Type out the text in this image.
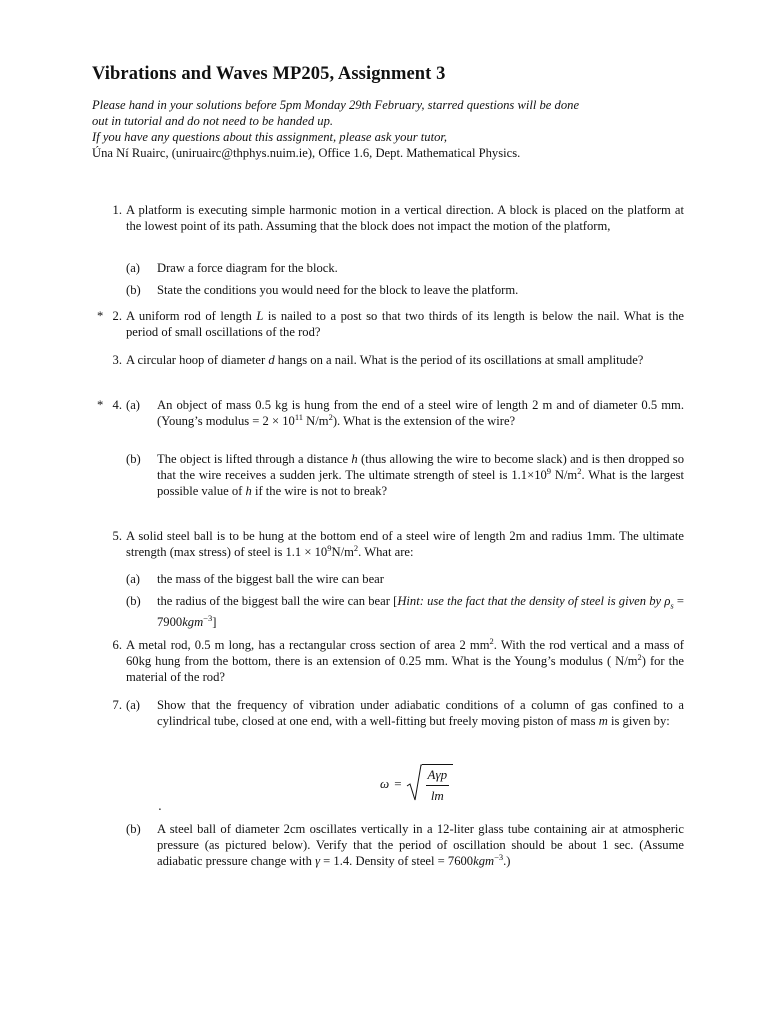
Vibrations and Waves MP205, Assignment 3
Please hand in your solutions before 5pm Monday 29th February, starred questions will be done
out in tutorial and do not need to be handed up.
If you have any questions about this assignment, please ask your tutor,
Úna Ní Ruairc, (uniruairc@thphys.nuim.ie), Office 1.6, Dept. Mathematical Physics.
1. A platform is executing simple harmonic motion in a vertical direction. A block is placed on the platform at the lowest point of its path. Assuming that the block does not impact the motion of the platform,
(a)	Draw a force diagram for the block.
(b)	State the conditions you would need for the block to leave the platform.
* 2. A uniform rod of length L is nailed to a post so that two thirds of its length is below the nail. What is the period of small oscillations of the rod?
3. A circular hoop of diameter d hangs on a nail. What is the period of its oscillations at small amplitude?
* 4. (a)	An object of mass 0.5 kg is hung from the end of a steel wire of length 2 m and of diameter 0.5 mm. (Young’s modulus = $2 \times 10^{11}$ $N/m^2$). What is the extension of the wire?
(b)	The object is lifted through a distance h (thus allowing the wire to become slack) and is then dropped so that the wire receives a sudden jerk. The ultimate strength of steel is $1.1\times 10^9$ $N/m^2$. What is the largest possible value of h if the wire is not to break?
5. A solid steel ball is to be hung at the bottom end of a steel wire of length 2m and radius 1mm. The ultimate strength (max stress) of steel is $1.1 \times 10^9N/m^2$. What are:
(a)	the mass of the biggest ball the wire can bear
(b)	the radius of the biggest ball the wire can bear [Hint: use the fact that the density of steel is given by $\rho_s = 7900kgm^{-3}$]
6. A metal rod, 0.5 m long, has a rectangular cross section of area 2 $mm^2$. With the rod vertical and a mass of 60kg hung from the bottom, there is an extension of 0.25 mm. What is the Young’s modulus ( $N/m^2$) for the material of the rod?
7. (a)	Show that the frequency of vibration under adiabatic conditions of a column of gas confined to a cylindrical tube, closed at one end, with a well-fitting but freely moving piston of mass m is given by:
$\omega = \frac{\text{Aγp}}{lm}$
.
(b)	A steel ball of diameter 2cm oscillates vertically in a 12-liter glass tube containing air at atmospheric pressure (as pictured below). Verify that the period of oscillation should be about 1 sec. (Assume adiabatic pressure change with γ = 1.4. Density of steel = 7600kgm$^{-3}$.)
